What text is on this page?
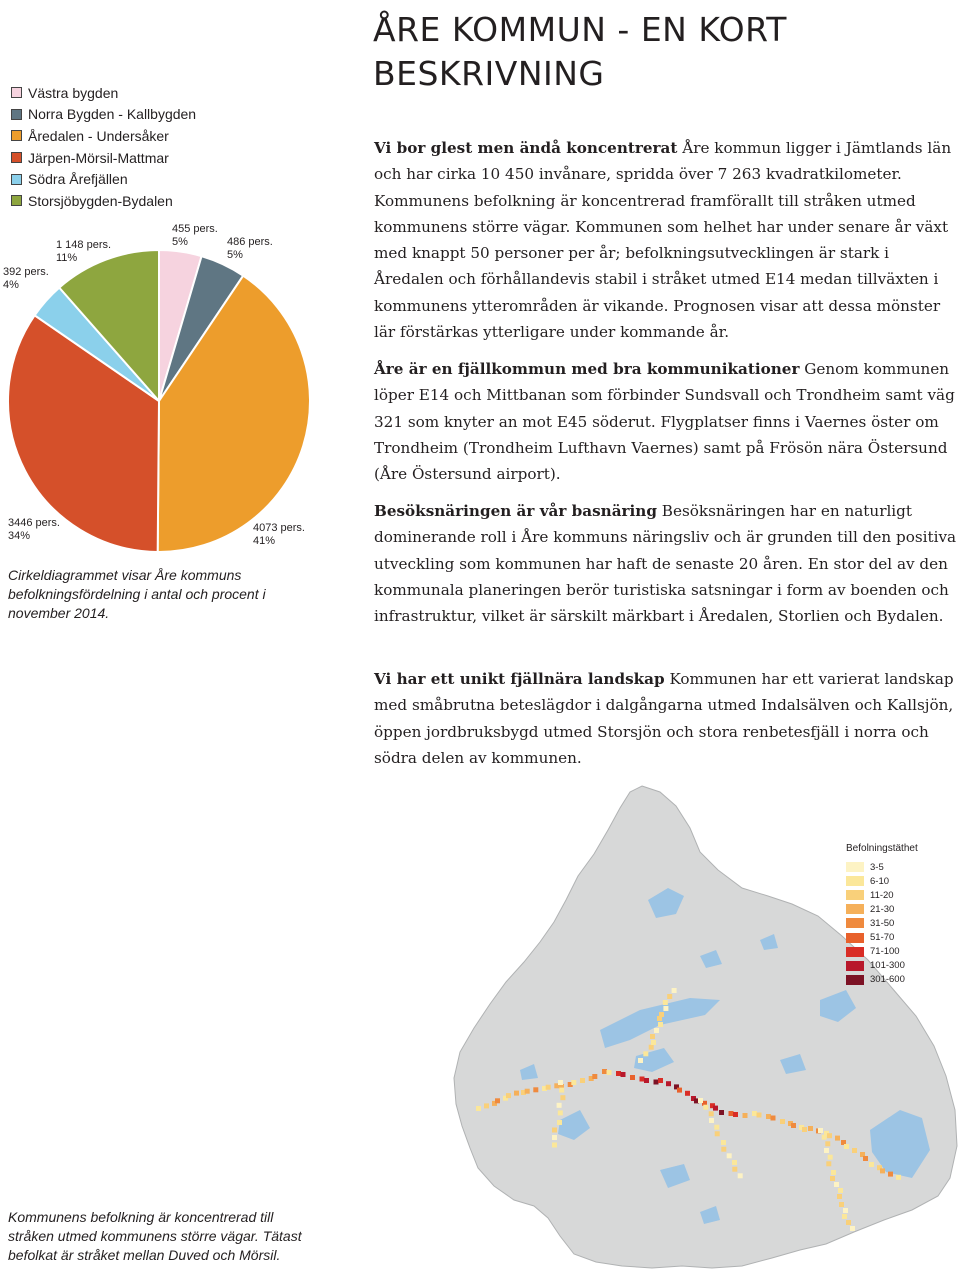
Västra bygden
Norra Bygden - Kallbygden
Åredalen - Undersåker
Järpen-Mörsil-Mattmar
Södra Årefjällen
Storsjöbygden-Bydalen
455 pers.
5%	486 pers.
5%
4073 pers.
41%
3446 pers.
34%
392 pers.
4%
1 148 pers.
11%
Cirkeldiagrammet visar Åre kommuns befolkningsfördelning i antal och procent i november 2014.
ÅRE KOMMUN - EN KORT BESKRIVNING

Vi bor glest men ändå koncentrerat Åre kommun ligger i Jämtlands län och har cirka 10 450 invånare, spridda över 7 263 kvadratkilometer. Kommunens befolkning är koncentrerad framförallt till stråken utmed kommunens större vägar. Kommunen som helhet har under senare år växt med knappt 50 personer per år; befolkningsutvecklingen är stark i Åredalen och förhållandevis stabil i stråket utmed E14 medan tillväxten i kommunens ytterområden är vikande. Prognosen visar att dessa mönster lär förstärkas ytterligare under kommande år.

Åre är en fjällkommun med bra kommunikationer Genom kommunen löper E14 och Mittbanan som förbinder Sundsvall och Trondheim samt väg 321 som knyter an mot E45 söderut. Flygplatser finns i Vaernes öster om Trondheim (Trondheim Lufthavn Vaernes) samt på Frösön nära Östersund (Åre Östersund airport).

Besöksnäringen är vår basnäring Besöksnäringen har en naturligt dominerande roll i Åre kommuns näringsliv och är grunden till den positiva utveckling som kommunen har haft de senaste 20 åren. En stor del av den kommunala planeringen berör turistiska satsningar i form av boenden och infrastruktur, vilket är särskilt märkbart i Åredalen, Storlien och Bydalen.

Vi har ett unikt fjällnära landskap Kommunen har ett varierat landskap med småbrutna beteslägdor i dalgångarna utmed Indalsälven och Kallsjön, öppen jordbruksbygd utmed Storsjön och stora renbetesfjäll i norra och södra delen av kommunen.

Befolningstäthet
3-5
6-10
11-20
21-30
31-50
51-70
71-100
101-300
301-600
Kommunens befolkning är koncentrerad till stråken utmed kommunens större vägar. Tätast befolkat är stråket mellan Duved och Mörsil.
